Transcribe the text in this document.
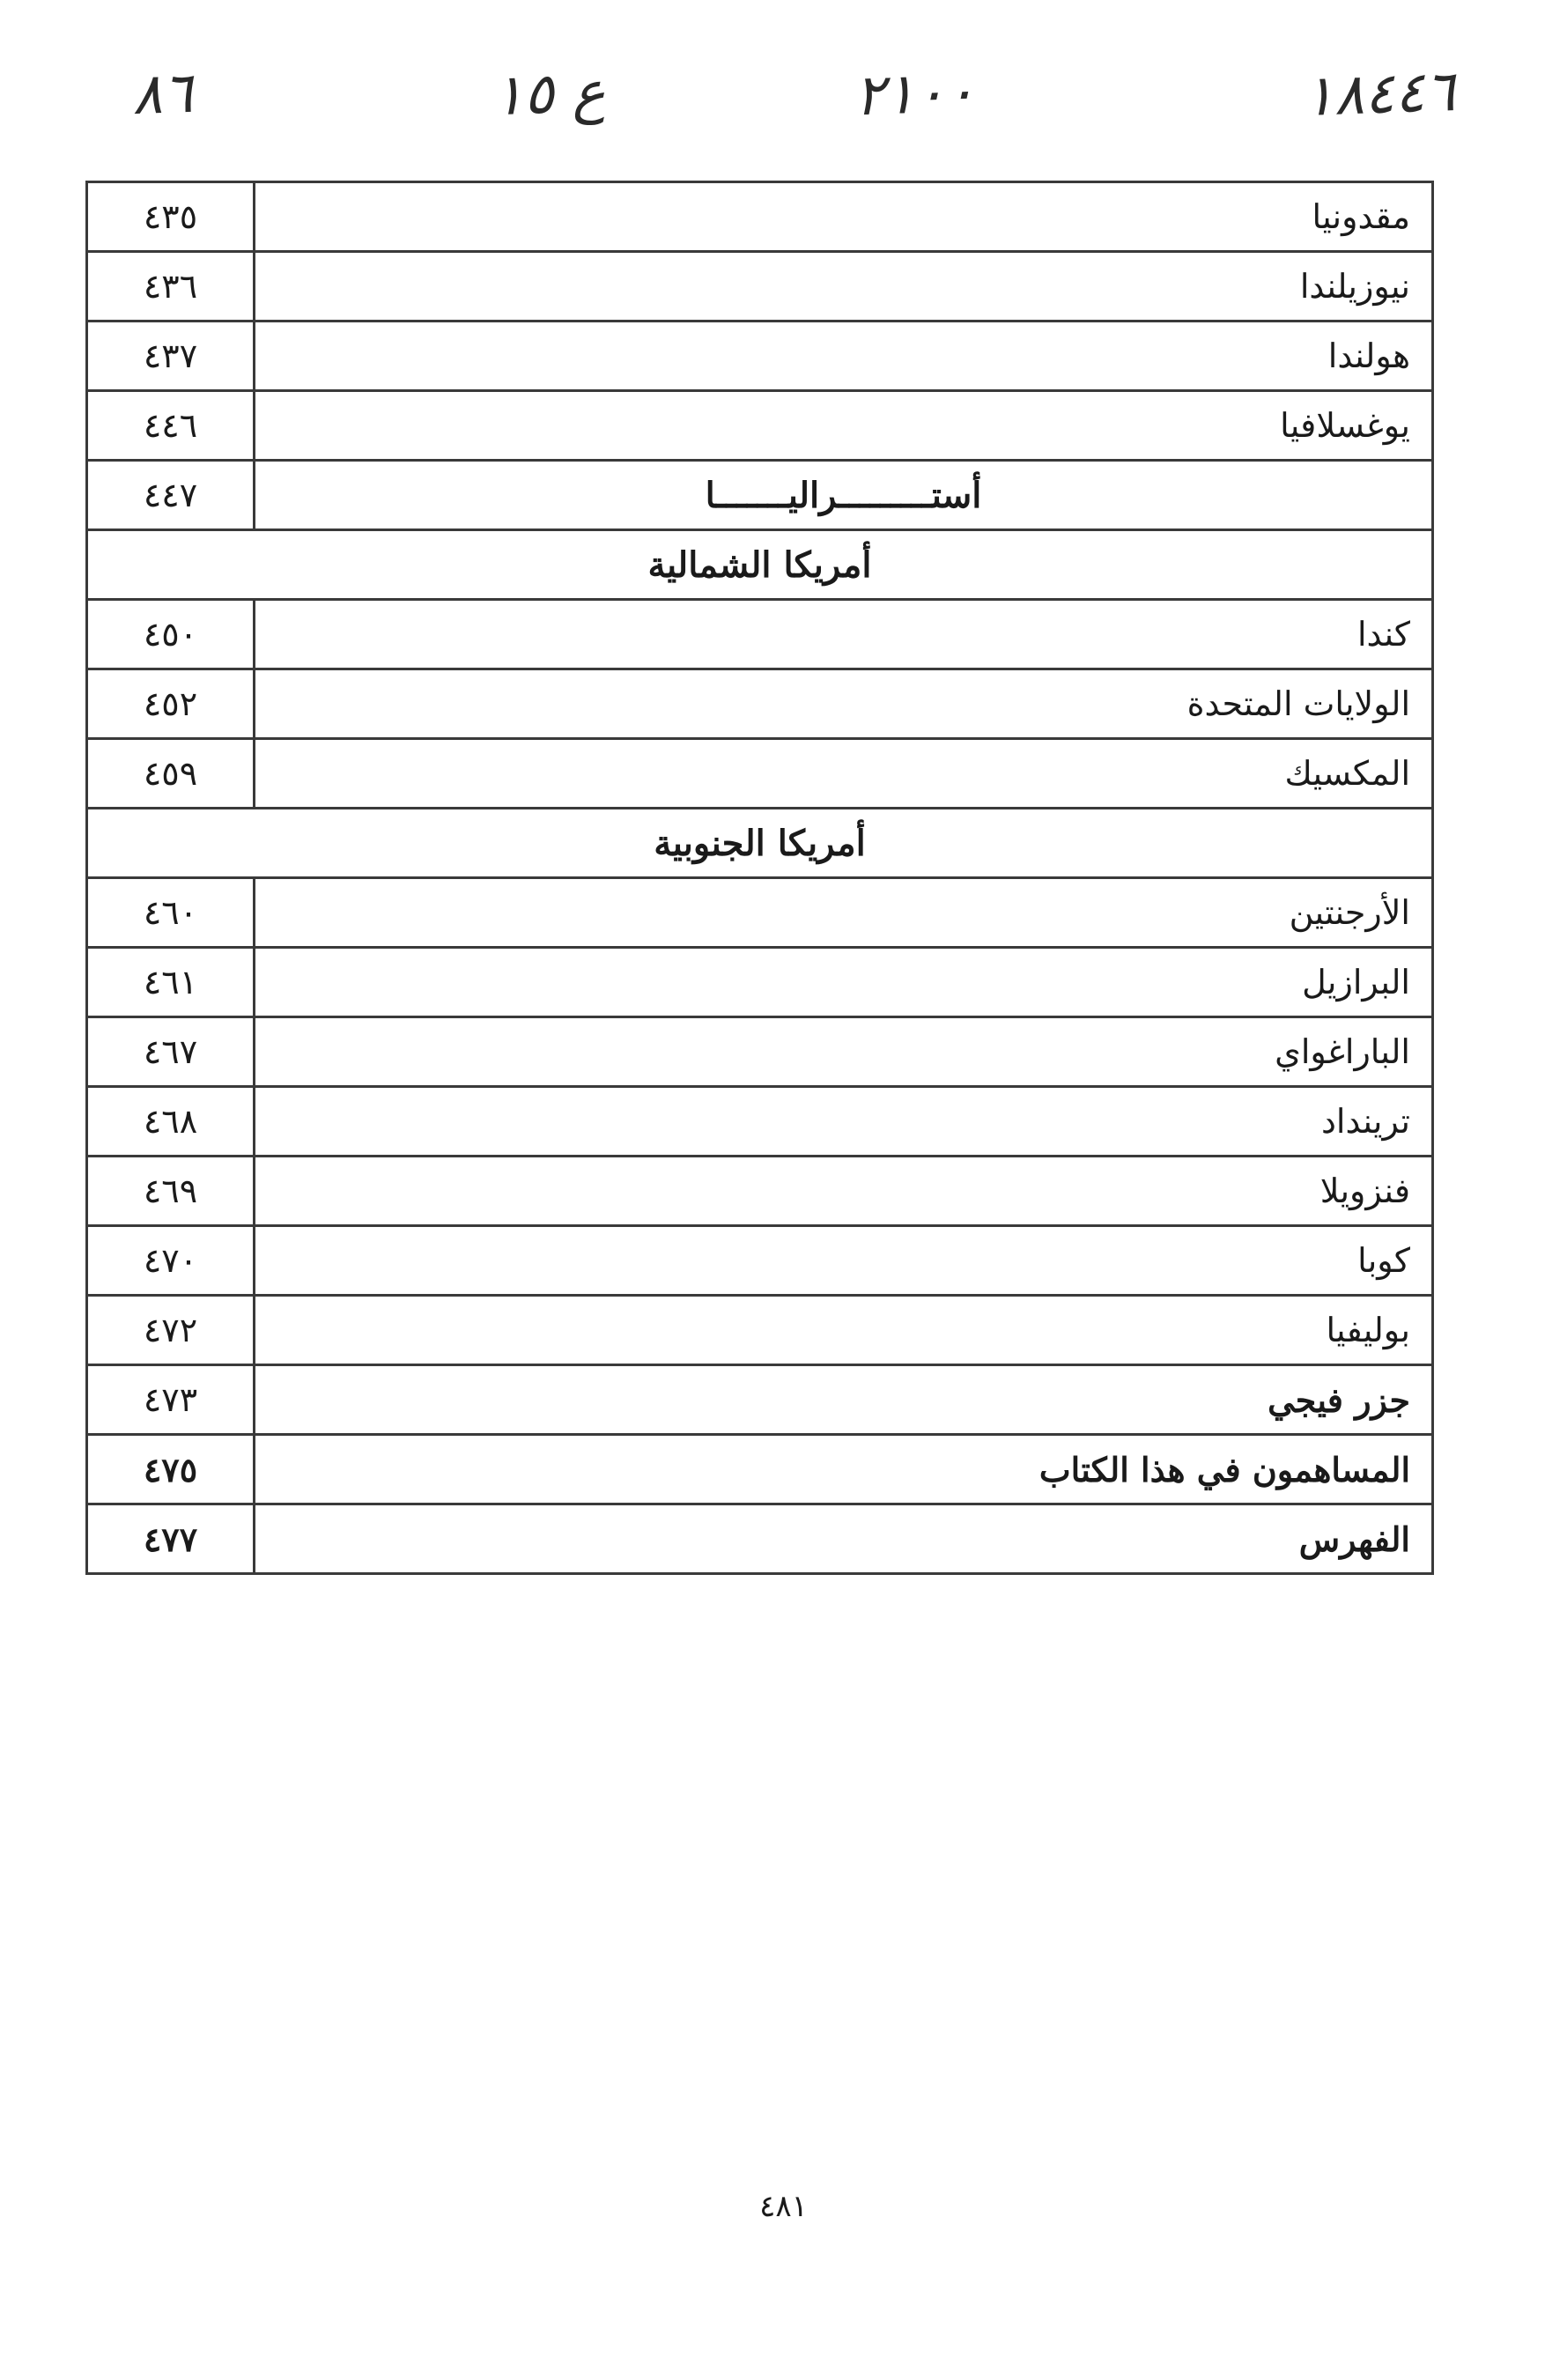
٨٦	ع ١٥	٢١٠٠	١٨٤٤٦
٤٣٥	مقدونيا
٤٣٦	نيوزيلندا
٤٣٧	هولندا
٤٤٦	يوغسلافيا
٤٤٧	أستـــــــــراليـــــــا
أمريكا الشمالية	
٤٥٠	كندا
٤٥٢	الولايات المتحدة
٤٥٩	المكسيك
أمريكا الجنوبية	
٤٦٠	الأرجنتين
٤٦١	البرازيل
٤٦٧	الباراغواي
٤٦٨	ترينداد
٤٦٩	فنزويلا
٤٧٠	كوبا
٤٧٢	بوليفيا
٤٧٣	جزر فيجي
٤٧٥	المساهمون في هذا الكتاب
٤٧٧	الفهرس
٤٨١
